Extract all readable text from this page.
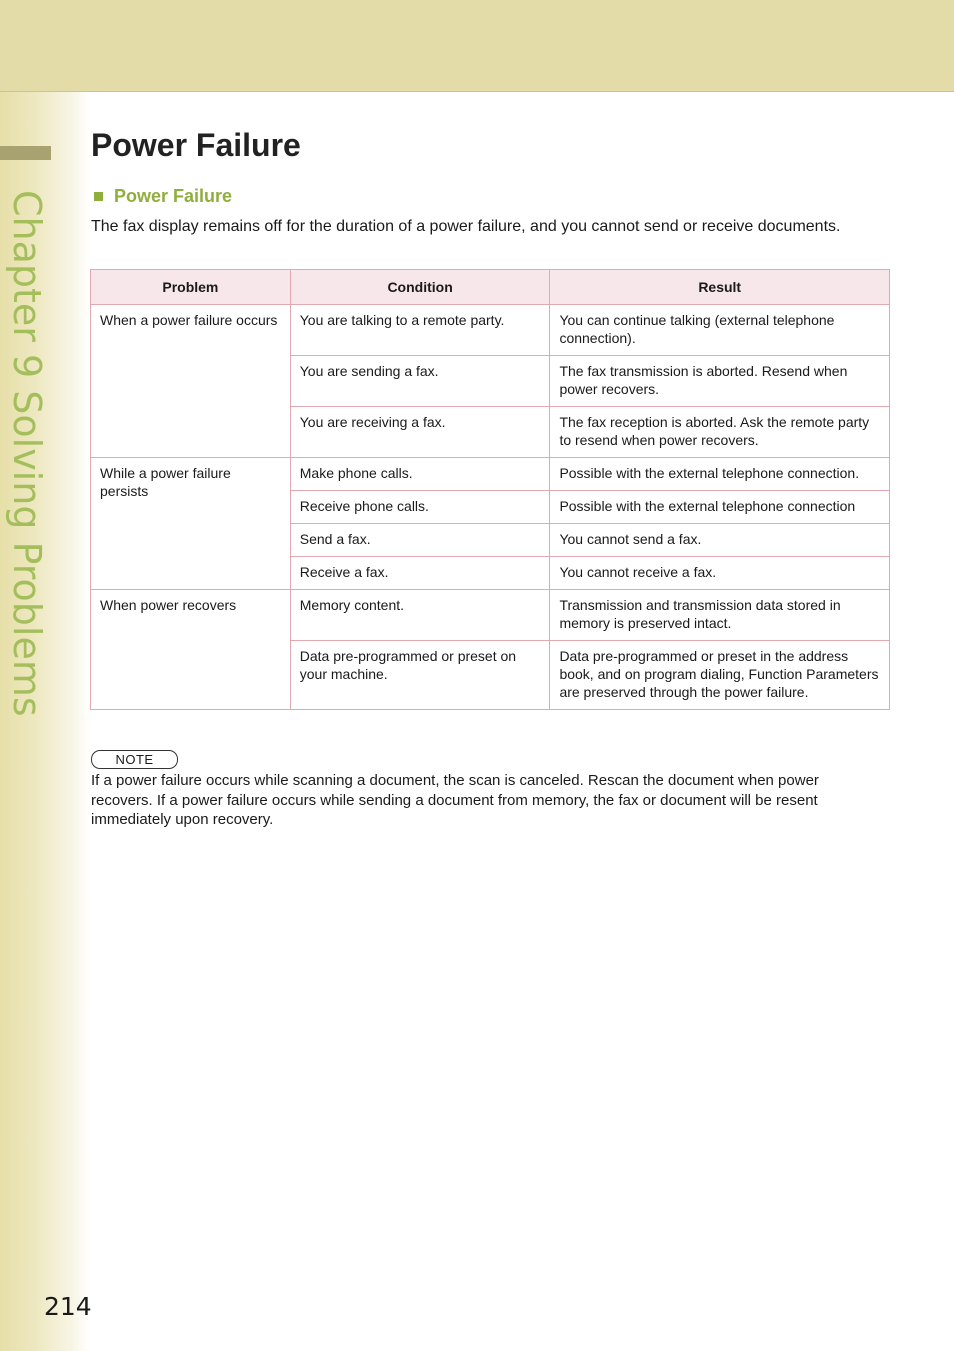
Chapter 9 Solving Problems
Power Failure
Power Failure
The fax display remains off for the duration of a power failure, and you cannot send or receive documents.
Problem	Condition	Result
When a power failure occurs	You are talking to a remote party.	You can continue talking (external telephone connection).
	You are sending a fax.	The fax transmission is aborted. Resend when power recovers.
	You are receiving a fax.	The fax reception is aborted. Ask the remote party to resend when power recovers.
While a power failure persists	Make phone calls.	Possible with the external telephone connection.
	Receive phone calls.	Possible with the external telephone connection
	Send a fax.	You cannot send a fax.
	Receive a fax.	You cannot receive a fax.
When power recovers	Memory content.	Transmission and transmission data stored in memory is preserved intact.
	Data pre-programmed or preset on your machine.	Data pre-programmed or preset in the address book, and on program dialing, Function Parameters are preserved through the power failure.
NOTE
If a power failure occurs while scanning a document, the scan is canceled. Rescan the document when power recovers. If a power failure occurs while sending a document from memory, the fax or document will be resent immediately upon recovery.
214
